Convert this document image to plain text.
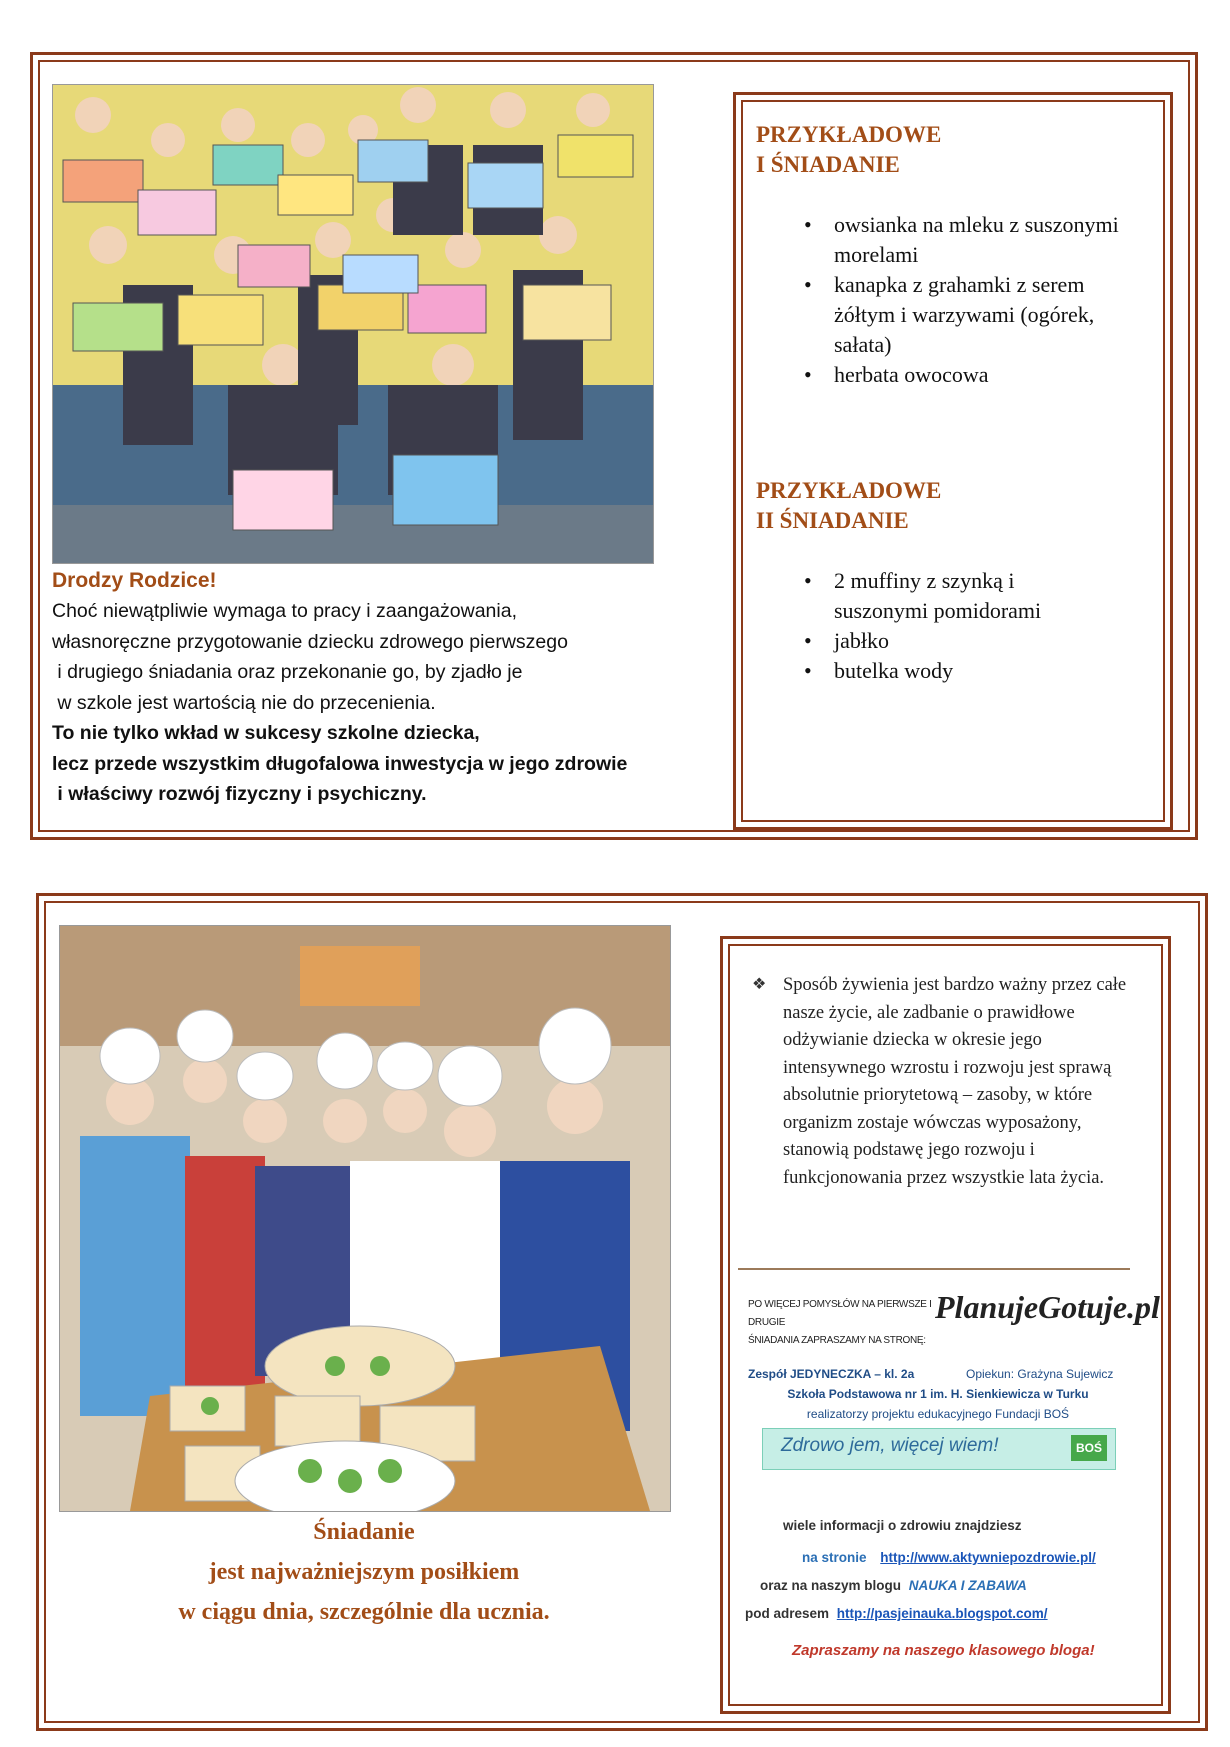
Drodzy Rodzice!

Choć niewątpliwie wymaga to pracy i zaangażowania,

własnoręczne przygotowanie dziecku zdrowego pierwszego

i drugiego śniadania oraz przekonanie go, by zjadło je

w szkole jest wartością nie do przecenienia.

To nie tylko wkład w sukcesy szkolne dziecka,

lecz przede wszystkim długofalowa inwestycja w jego zdrowie

i właściwy rozwój fizyczny i psychiczny.

PRZYKŁADOWE
I ŚNIADANIE
• owsianka na mleku z suszonymi morelami
• kanapka z grahamki z serem żółtym i warzywami (ogórek, sałata)
• herbata owocowa
PRZYKŁADOWE
II ŚNIADANIE
• 2 muffiny z szynką i suszonymi pomidorami
• jabłko
• butelka wody
Śniadanie
jest najważniejszym posiłkiem
w ciągu dnia, szczególnie dla ucznia.
❖ Sposób żywienia jest bardzo ważny przez całe nasze życie, ale zadbanie o prawidłowe odżywianie dziecka w okresie jego intensywnego wzrostu i rozwoju jest sprawą absolutnie priorytetową – zasoby, w które organizm zostaje wówczas wyposażony, stanowią podstawę jego rozwoju i funkcjonowania przez wszystkie lata życia.
PO WIĘCEJ POMYSŁÓW NA PIERWSZE I DRUGIE
ŚNIADANIA ZAPRASZAMY NA STRONĘ:
PlanujeGotuje.pl
Zespół JEDYNECZKA – kl. 2a	Opiekun: Grażyna Sujewicz
Szkoła Podstawowa nr 1 im. H. Sienkiewicza w Turku
realizatorzy projektu edukacyjnego Fundacji BOŚ
Zdrowo jem, więcej wiem!	BOŚ
wiele informacji o zdrowiu znajdziesz
na stronie http://www.aktywniepozdrowie.pl/
oraz na naszym blogu NAUKA I ZABAWA
pod adresem http://pasjeinauka.blogspot.com/
Zapraszamy na naszego klasowego bloga!
